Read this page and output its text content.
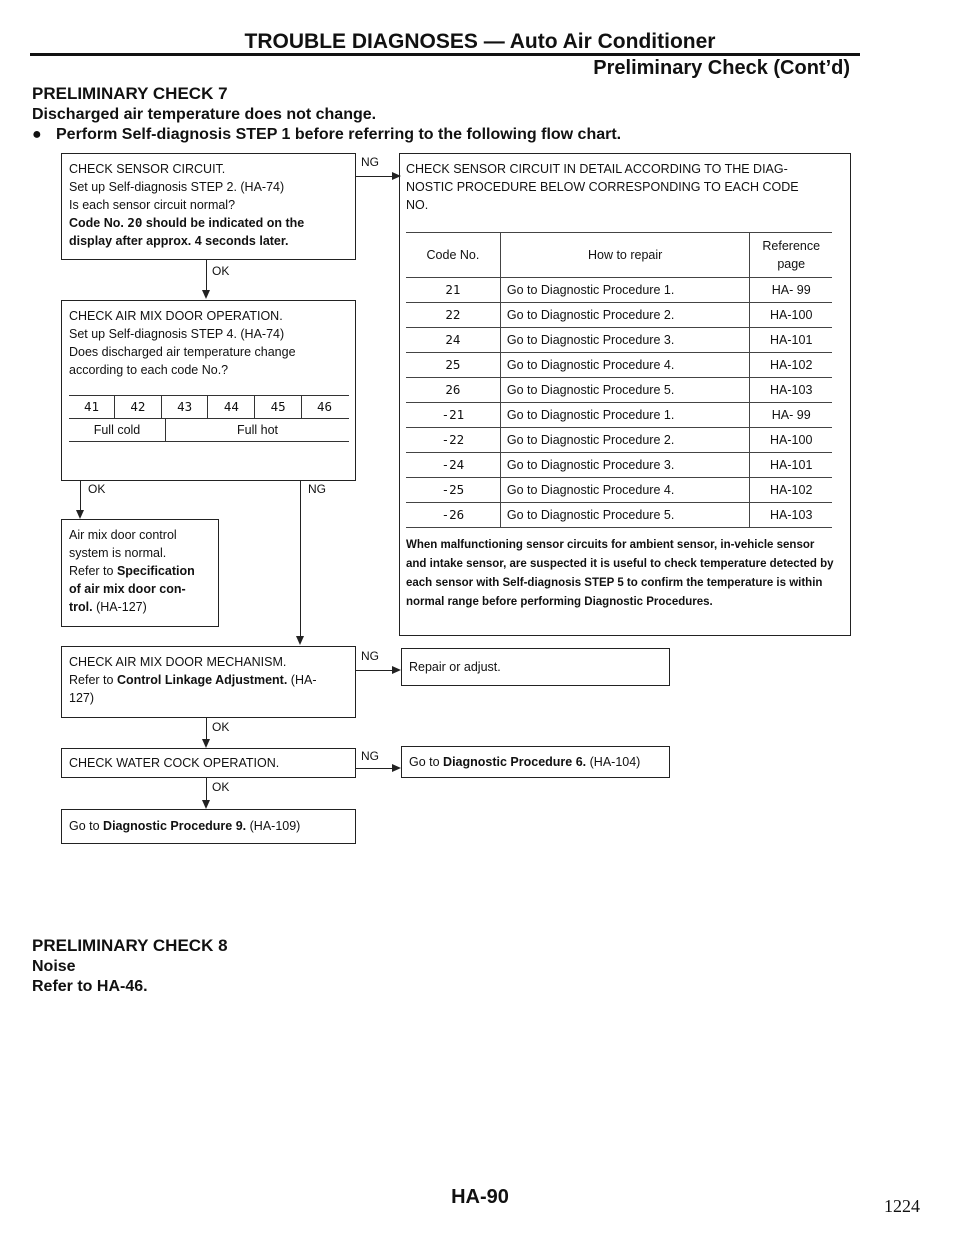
TROUBLE DIAGNOSES — Auto Air Conditioner
Preliminary Check (Cont’d)
PRELIMINARY CHECK 7
Discharged air temperature does not change.
● Perform Self-diagnosis STEP 1 before referring to the following flow chart.
CHECK SENSOR CIRCUIT.
Set up Self-diagnosis STEP 2. (HA-74)
Is each sensor circuit normal?
Code No. 20 should be indicated on the
display after approx. 4 seconds later.
NG CHECK SENSOR CIRCUIT IN DETAIL ACCORDING TO THE DIAG-
NOSTIC PROCEDURE BELOW CORRESPONDING TO EACH CODE
NO.
Code No.	How to repair	Reference
page

21	Go to Diagnostic Procedure 1.	HA- 99
22	Go to Diagnostic Procedure 2.	HA-100
24	Go to Diagnostic Procedure 3.	HA-101
25	Go to Diagnostic Procedure 4.	HA-102
26	Go to Diagnostic Procedure 5.	HA-103
-21	Go to Diagnostic Procedure 1.	HA- 99
-22	Go to Diagnostic Procedure 2.	HA-100
-24	Go to Diagnostic Procedure 3.	HA-101
-25	Go to Diagnostic Procedure 4.	HA-102
-26	Go to Diagnostic Procedure 5.	HA-103
When malfunctioning sensor circuits for ambient sensor, in-vehicle sensor and intake sensor, are suspected it is useful to check temperature detected by each sensor with Self-diagnosis STEP 5 to confirm the temperature is within normal range before performing Diagnostic Procedures.
OK
CHECK AIR MIX DOOR OPERATION.
Set up Self-diagnosis STEP 4. (HA-74)
Does discharged air temperature change
according to each code No.?
41	42	43	44	45	46
Full cold	Full hot
OK	NG
Air mix door control
system is normal.
Refer to Specification
of air mix door con-
trol. (HA-127)
CHECK AIR MIX DOOR MECHANISM.
Refer to Control Linkage Adjustment. (HA-
127)
NG
Repair or adjust.
OK
CHECK WATER COCK OPERATION.	NG	Go to Diagnostic Procedure 6. (HA-104)
OK
Go to Diagnostic Procedure 9. (HA-109)
PRELIMINARY CHECK 8
Noise
Refer to HA-46.
HA-90	1224
